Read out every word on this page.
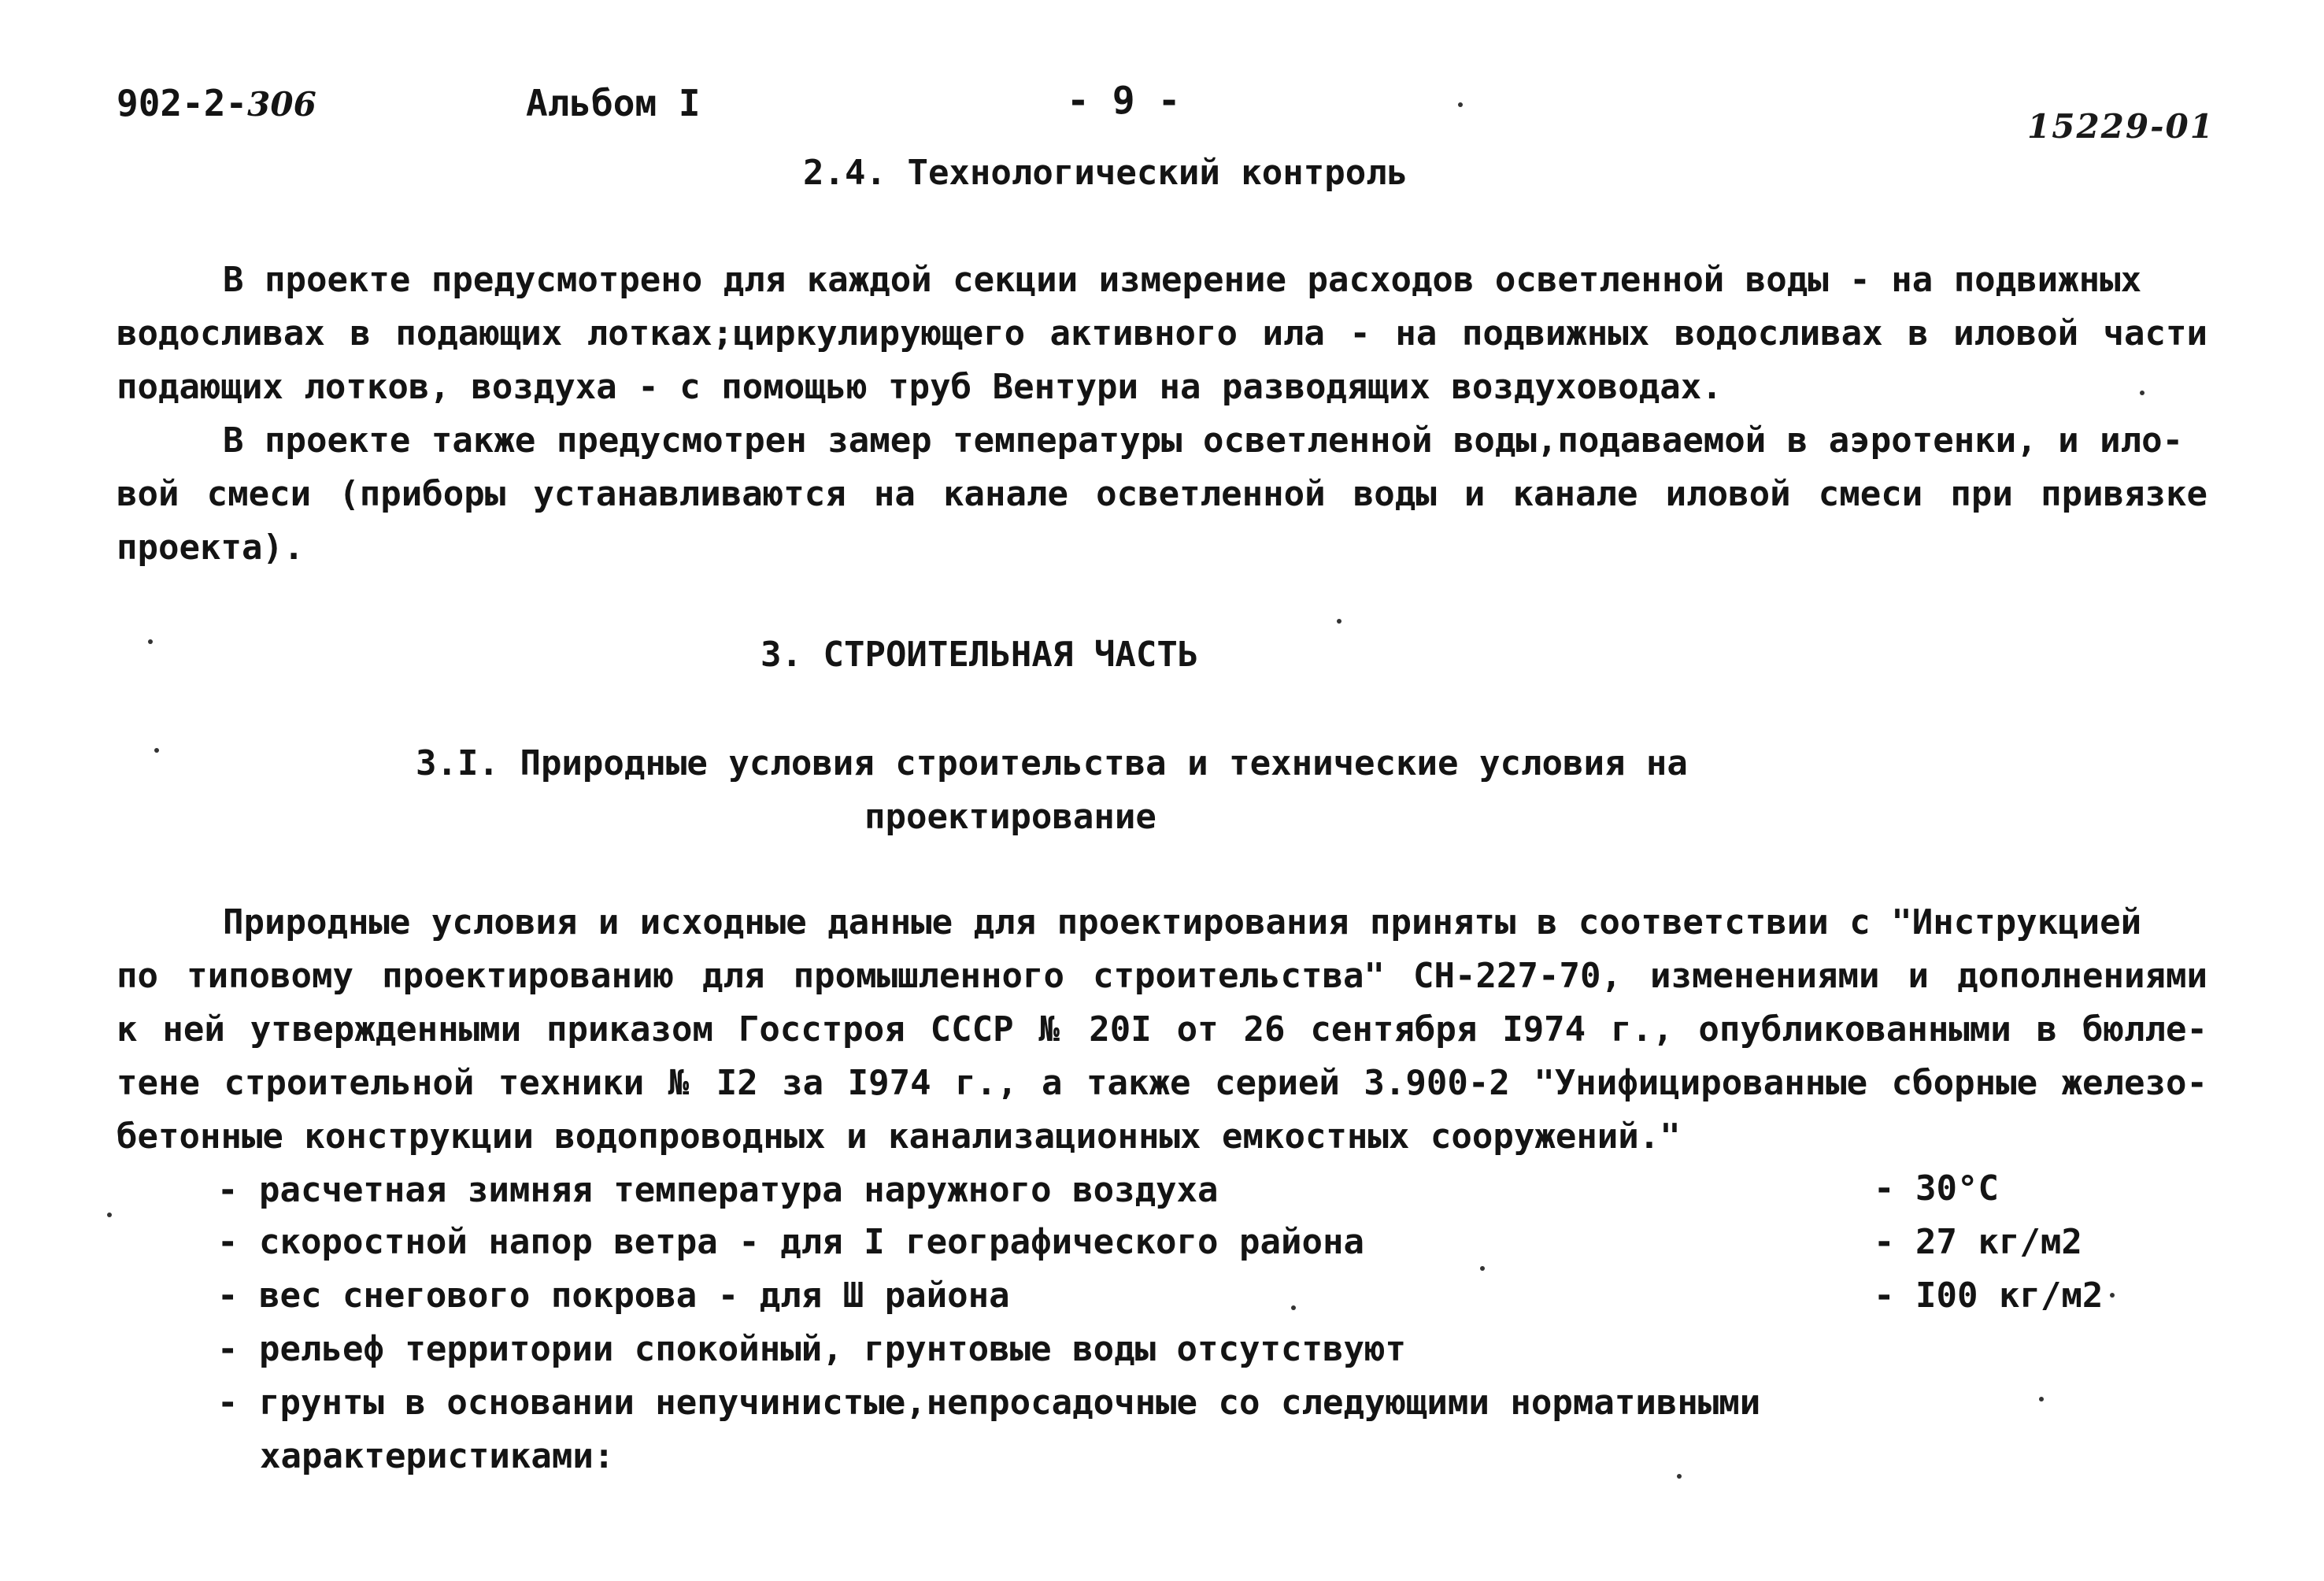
902-2-306	Альбом I	- 9 -
15229-01
2.4. Технологический контроль
В проекте предусмотрено для каждой секции измерение расходов осветленной воды - на подвижных
водосливах в подающих лотках;циркулирующего активного ила - на подвижных водосливах в иловой части
подающих лотков, воздуха - с помощью труб Вентури на разводящих воздуховодах.
В проекте также предусмотрен замер температуры осветленной воды,подаваемой в аэротенки, и ило-
вой смеси (приборы устанавливаются на канале осветленной воды и канале иловой смеси при привязке
проекта).
3. СТРОИТЕЛЬНАЯ ЧАСТЬ
3.I. Природные условия строительства и технические условия на
проектирование
Природные условия и исходные данные для проектирования приняты в соответствии с "Инструкцией
по типовому проектированию для промышленного строительства" СН-227-70, изменениями и дополнениями
к ней утвержденными приказом Госстроя СССР № 20I от 26 сентября I974 г., опубликованными в бюлле-
тене строительной техники № I2 за I974 г., а также серией 3.900-2 "Унифицированные сборные железо-
бетонные конструкции водопроводных и канализационных емкостных сооружений."
- расчетная зимняя температура наружного воздуха	- 30°C
- скоростной напор ветра - для I географического района	- 27 кг/м2
- вес снегового покрова - для Ш района	- I00 кг/м2
- рельеф территории спокойный, грунтовые воды отсутствуют
- грунты в основании непучинистые,непросадочные со следующими нормативными
характеристиками:
